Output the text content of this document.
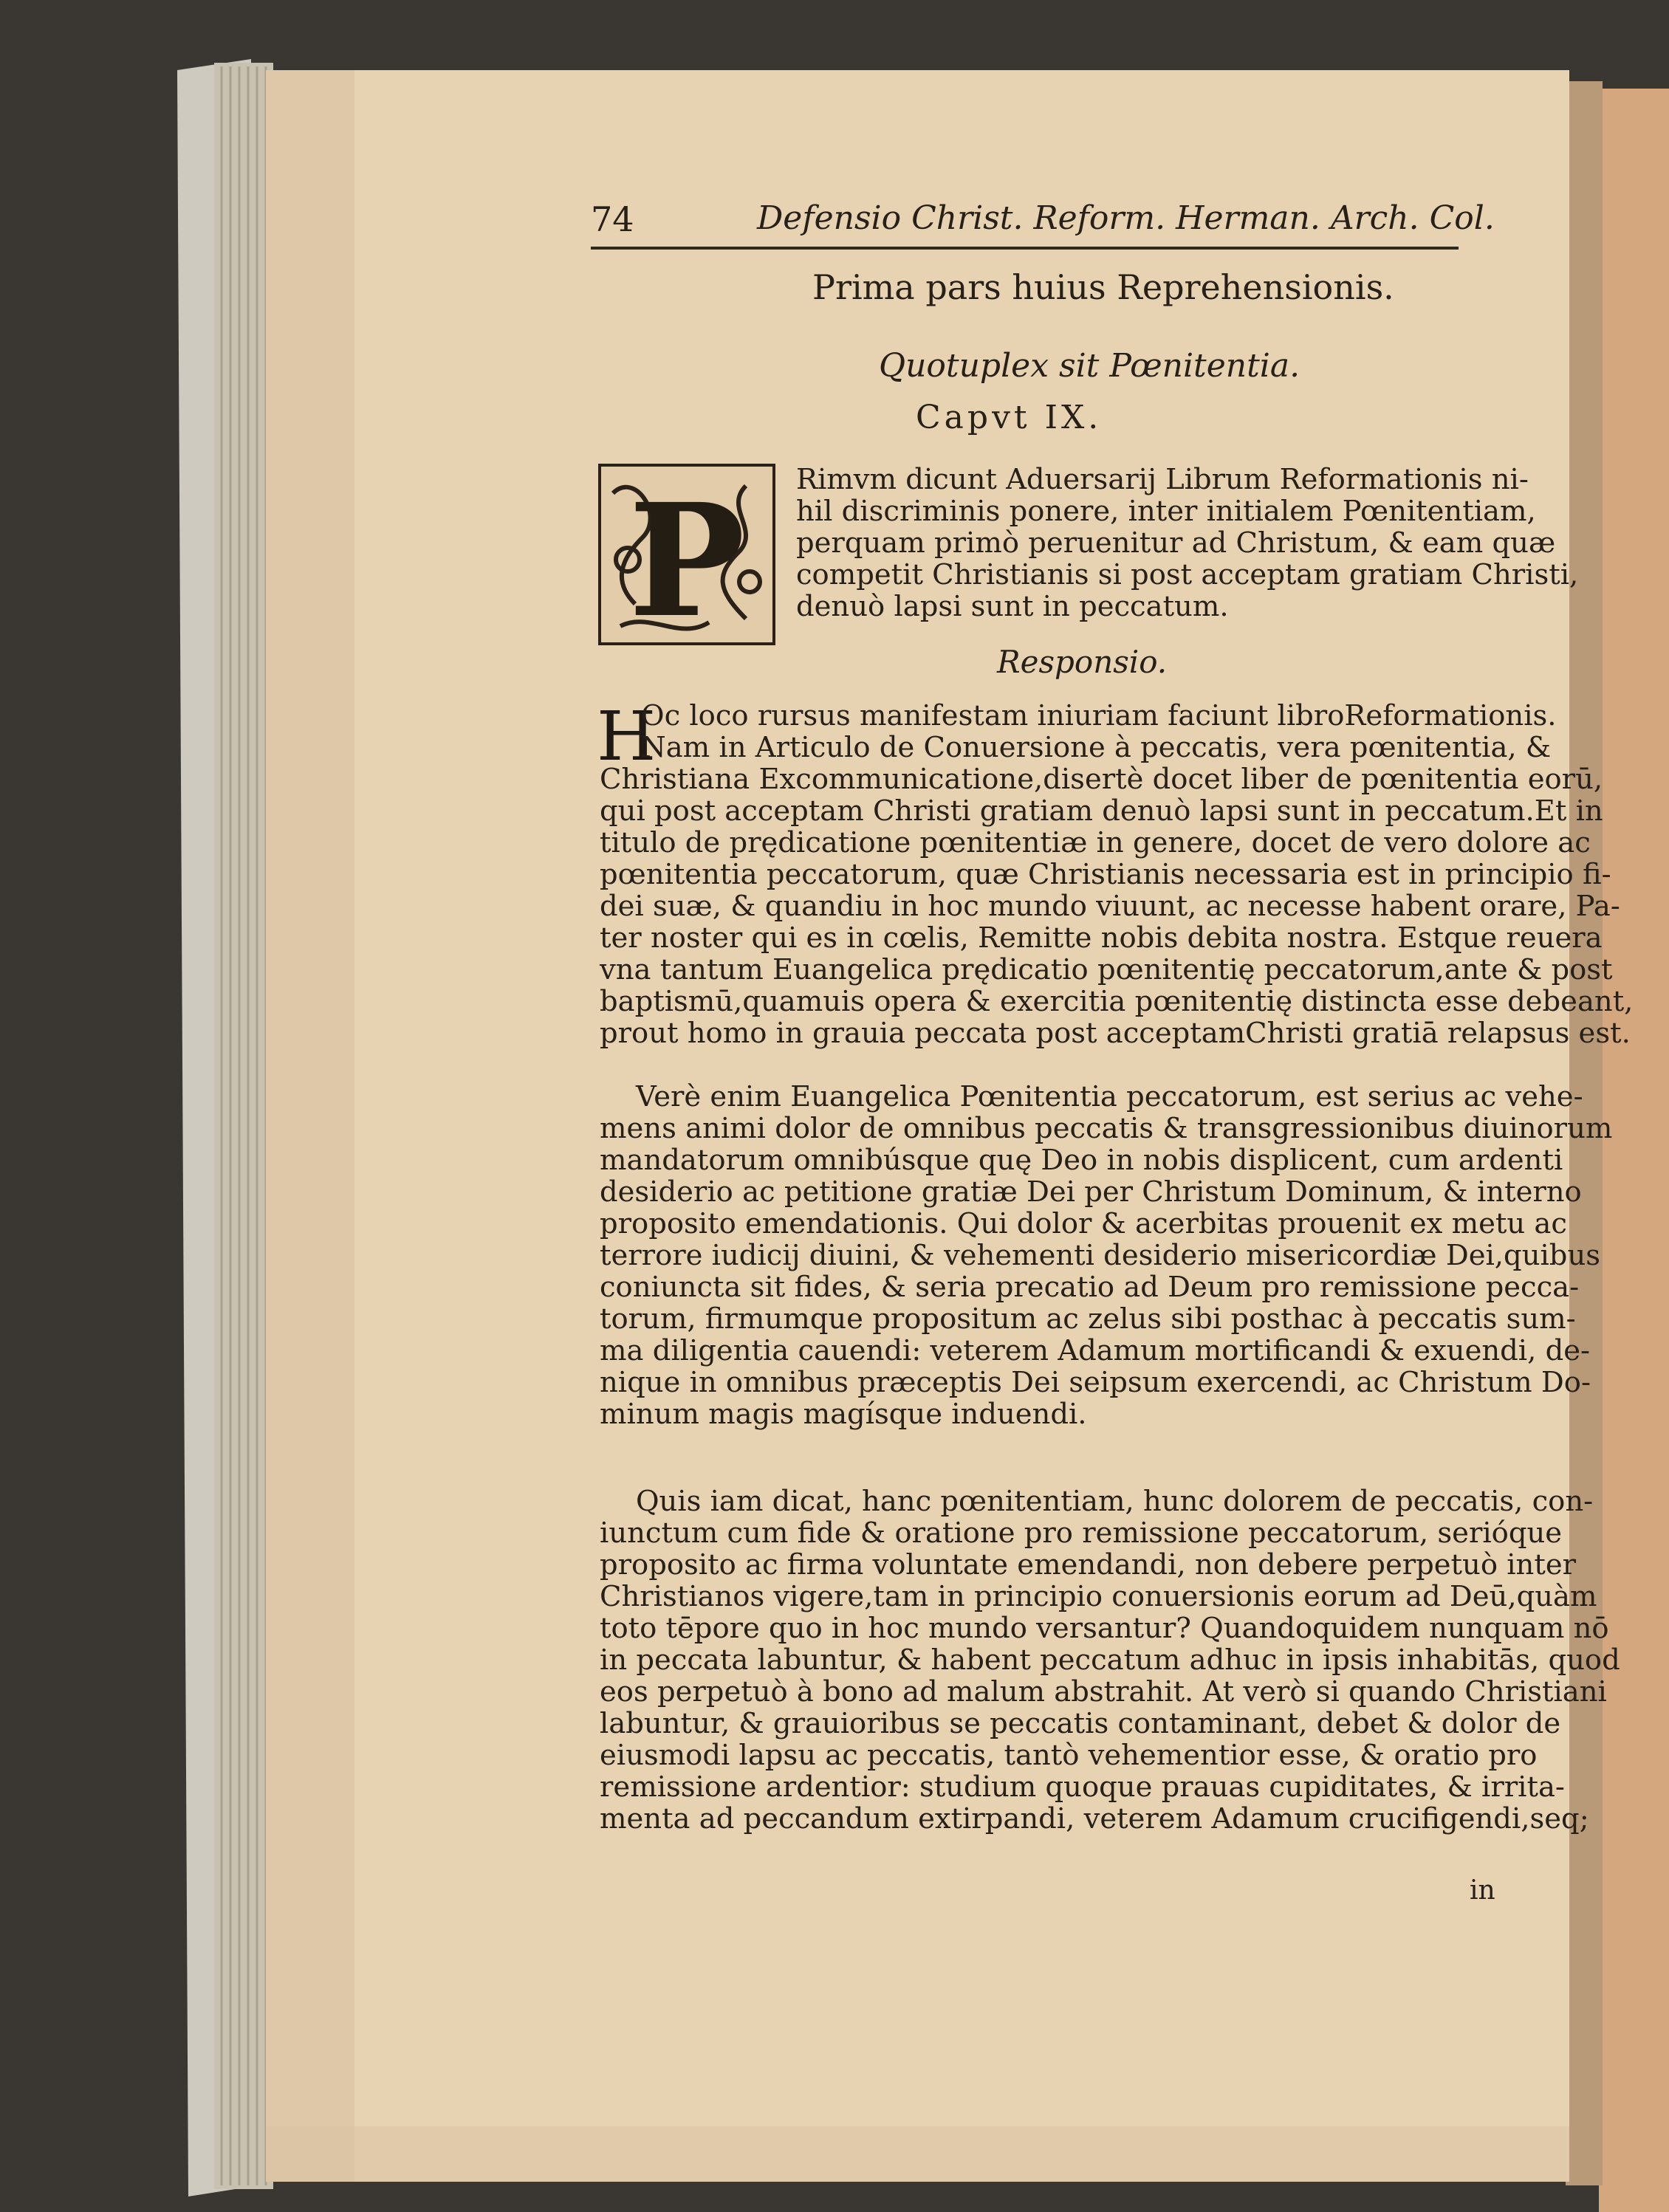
74	Defensio Christ. Reform. Herman. Arch. Col.
Prima pars huius Reprehensionis.
Quotuplex sit Pœnitentia.
Capvt IX.
P Rimvm dicunt Aduersarij Librum Reformationis ni-
hil discriminis ponere, inter initialem Pœnitentiam,
perquam primò peruenitur ad Christum, & eam quæ
competit Christianis si post acceptam gratiam Christi,
denuò lapsi sunt in peccatum.
Responsio.
H
Oc loco rursus manifestam iniuriam faciunt libroReformationis.
Nam in Articulo de Conuersione à peccatis, vera pœnitentia, &
Christiana Excommunicatione,disertè docet liber de pœnitentia eorū,
qui post acceptam Christi gratiam denuò lapsi sunt in peccatum.Et in
titulo de prędicatione pœnitentiæ in genere, docet de vero dolore ac
pœnitentia peccatorum, quæ Christianis necessaria est in principio fi-
dei suæ, & quandiu in hoc mundo viuunt, ac necesse habent orare, Pa-
ter noster qui es in cœlis, Remitte nobis debita nostra. Estque reuera
vna tantum Euangelica prędicatio pœnitentię peccatorum,ante & post
baptismū,quamuis opera & exercitia pœnitentię distincta esse debeant,
prout homo in grauia peccata post acceptamChristi gratiā relapsus est.
Verè enim Euangelica Pœnitentia peccatorum, est serius ac vehe-
mens animi dolor de omnibus peccatis & transgressionibus diuinorum
mandatorum omnibúsque quę Deo in nobis displicent, cum ardenti
desiderio ac petitione gratiæ Dei per Christum Dominum, & interno
proposito emendationis. Qui dolor & acerbitas prouenit ex metu ac
terrore iudicij diuini, & vehementi desiderio misericordiæ Dei,quibus
coniuncta sit fides, & seria precatio ad Deum pro remissione pecca-
torum, firmumque propositum ac zelus sibi posthac à peccatis sum-
ma diligentia cauendi: veterem Adamum mortificandi & exuendi, de-
nique in omnibus præceptis Dei seipsum exercendi, ac Christum Do-
minum magis magísque induendi.
Quis iam dicat, hanc pœnitentiam, hunc dolorem de peccatis, con-
iunctum cum fide & oratione pro remissione peccatorum, serióque
proposito ac firma voluntate emendandi, non debere perpetuò inter
Christianos vigere,tam in principio conuersionis eorum ad Deū,quàm
toto tēpore quo in hoc mundo versantur? Quandoquidem nunquam nō
in peccata labuntur, & habent peccatum adhuc in ipsis inhabitās, quod
eos perpetuò à bono ad malum abstrahit. At verò si quando Christiani
labuntur, & grauioribus se peccatis contaminant, debet & dolor de
eiusmodi lapsu ac peccatis, tantò vehementior esse, & oratio pro
remissione ardentior: studium quoque prauas cupiditates, & irrita-
menta ad peccandum extirpandi, veterem Adamum crucifigendi,seq;
in
